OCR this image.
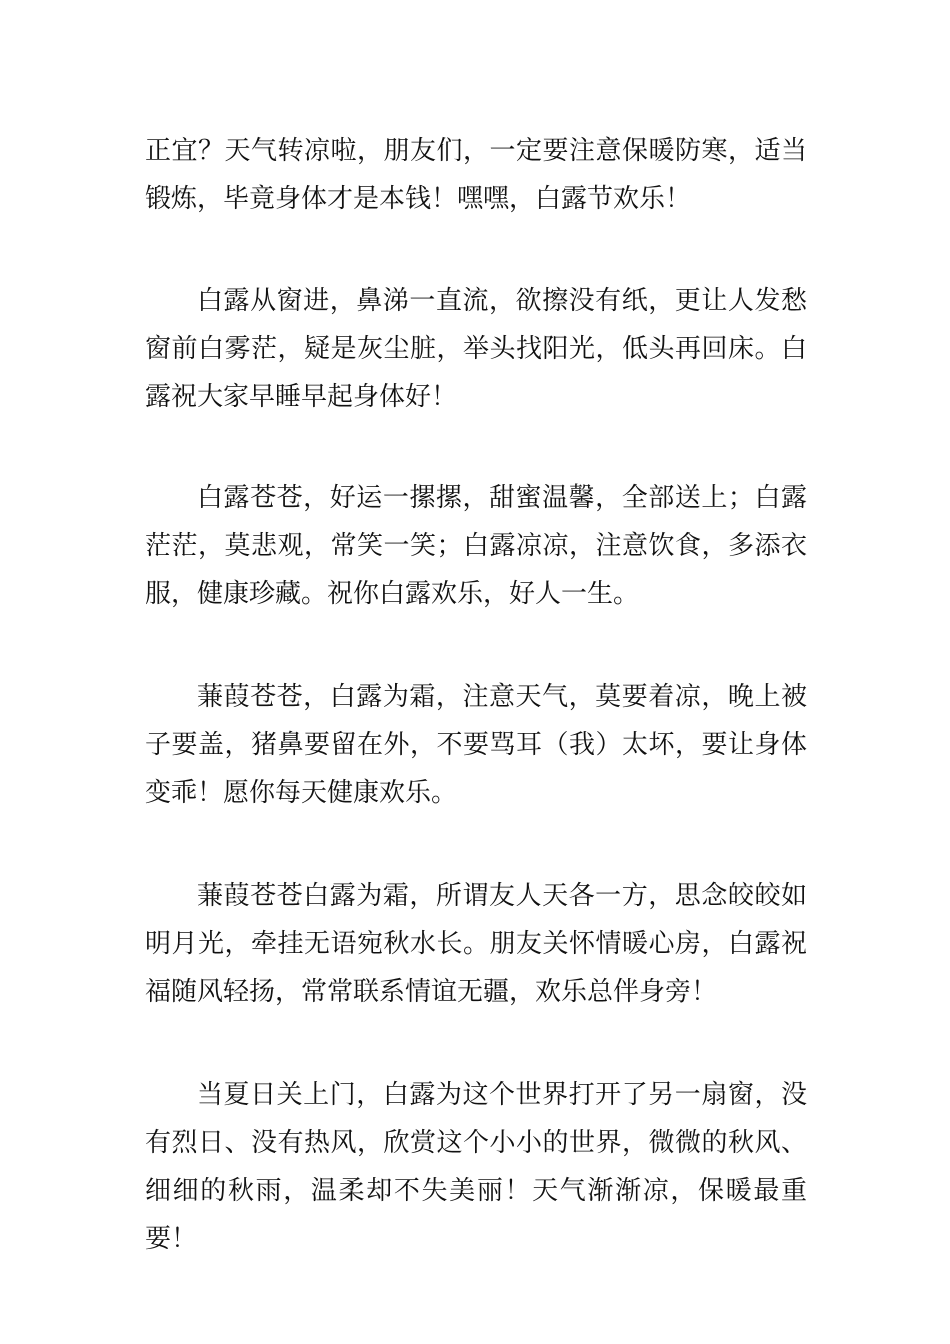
正宜？天气转凉啦，朋友们，一定要注意保暖防寒，适当锻炼，毕竟身体才是本钱！嘿嘿，白露节欢乐！

白露从窗进，鼻涕一直流，欲擦没有纸，更让人发愁窗前白雾茫，疑是灰尘脏，举头找阳光，低头再回床。白露祝大家早睡早起身体好！

白露苍苍，好运一摞摞，甜蜜温馨，全部送上；白露茫茫，莫悲观，常笑一笑；白露凉凉，注意饮食，多添衣服，健康珍藏。祝你白露欢乐，好人一生。

蒹葭苍苍，白露为霜，注意天气，莫要着凉，晚上被子要盖，猪鼻要留在外，不要骂耳（我）太坏，要让身体变乖！愿你每天健康欢乐。

蒹葭苍苍白露为霜，所谓友人天各一方，思念皎皎如明月光，牵挂无语宛秋水长。朋友关怀情暖心房，白露祝福随风轻扬，常常联系情谊无疆，欢乐总伴身旁！

当夏日关上门，白露为这个世界打开了另一扇窗，没有烈日、没有热风，欣赏这个小小的世界，微微的秋风、细细的秋雨，温柔却不失美丽！天气渐渐凉，保暖最重要！
